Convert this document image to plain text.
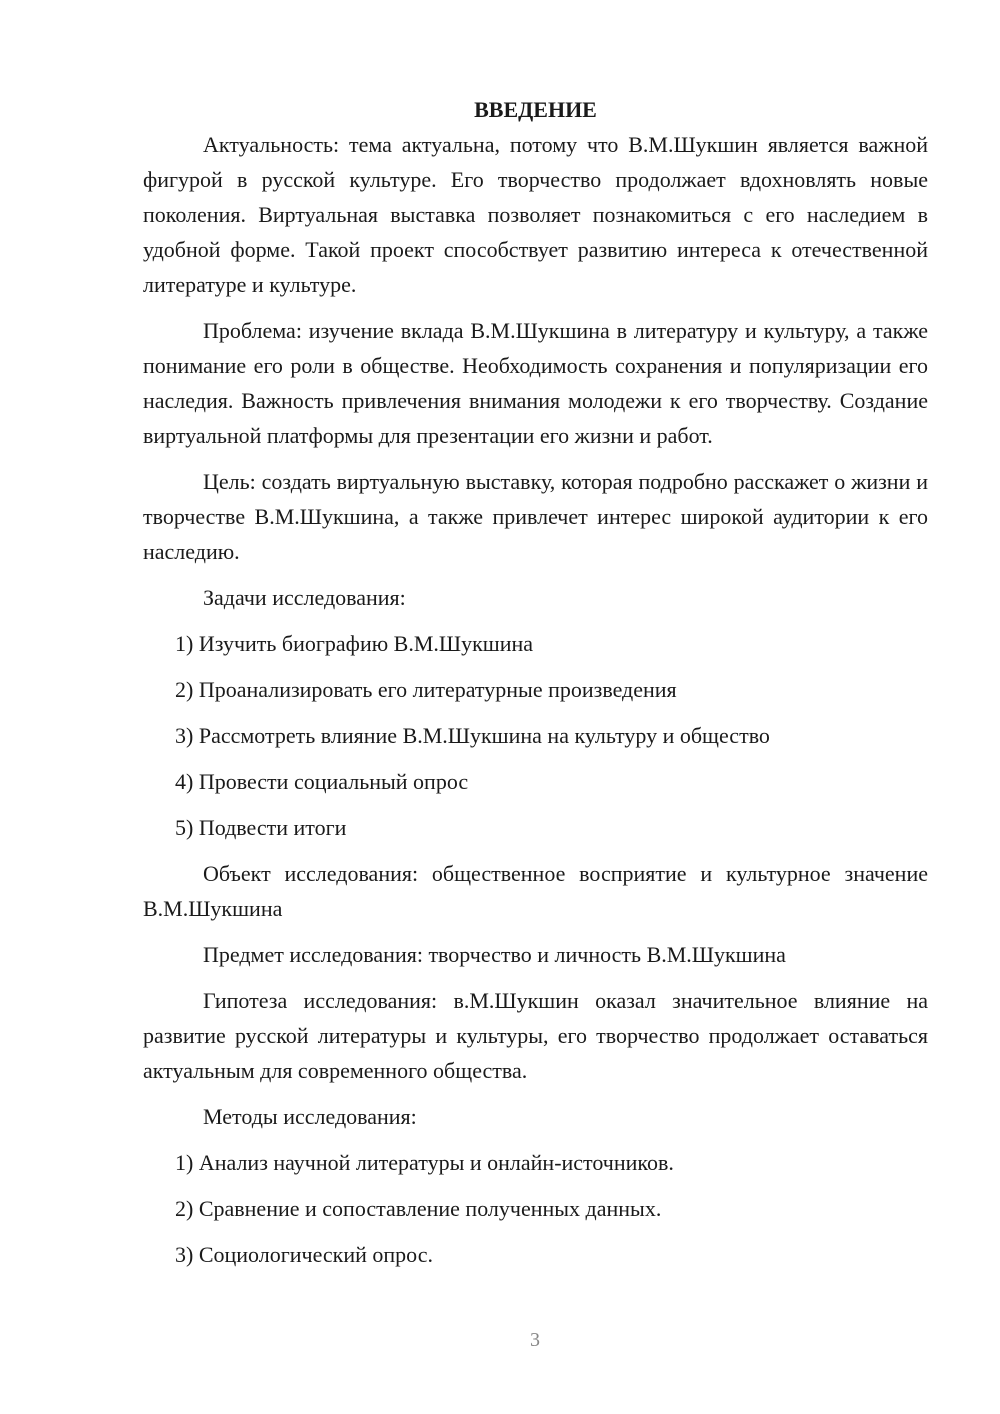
ВВЕДЕНИЕ

Актуальность: тема актуальна, потому что В.М.Шукшин является важной фигурой в русской культуре. Его творчество продолжает вдохновлять новые поколения. Виртуальная выставка позволяет познакомиться с его наследием в удобной форме. Такой проект способствует развитию интереса к отечественной литературе и культуре.

Проблема: изучение вклада В.М.Шукшина в литературу и культуру, а также понимание его роли в обществе. Необходимость сохранения и популяризации его наследия. Важность привлечения внимания молодежи к его творчеству. Создание виртуальной платформы для презентации его жизни и работ.

Цель: создать виртуальную выставку, которая подробно расскажет о жизни и творчестве В.М.Шукшина, а также привлечет интерес широкой аудитории к его наследию.

Задачи исследования:

1) Изучить биографию В.М.Шукшина
2) Проанализировать его литературные произведения
3) Рассмотреть влияние В.М.Шукшина на культуру и общество
4) Провести социальный опрос
5) Подвести итоги

Объект исследования: общественное восприятие и культурное значение В.М.Шукшина

Предмет исследования: творчество и личность В.М.Шукшина

Гипотеза исследования: в.М.Шукшин оказал значительное влияние на развитие русской литературы и культуры, его творчество продолжает оставаться актуальным для современного общества.

Методы исследования:

1) Анализ научной литературы и онлайн-источников.
2) Сравнение и сопоставление полученных данных.
3) Социологический опрос.
3
